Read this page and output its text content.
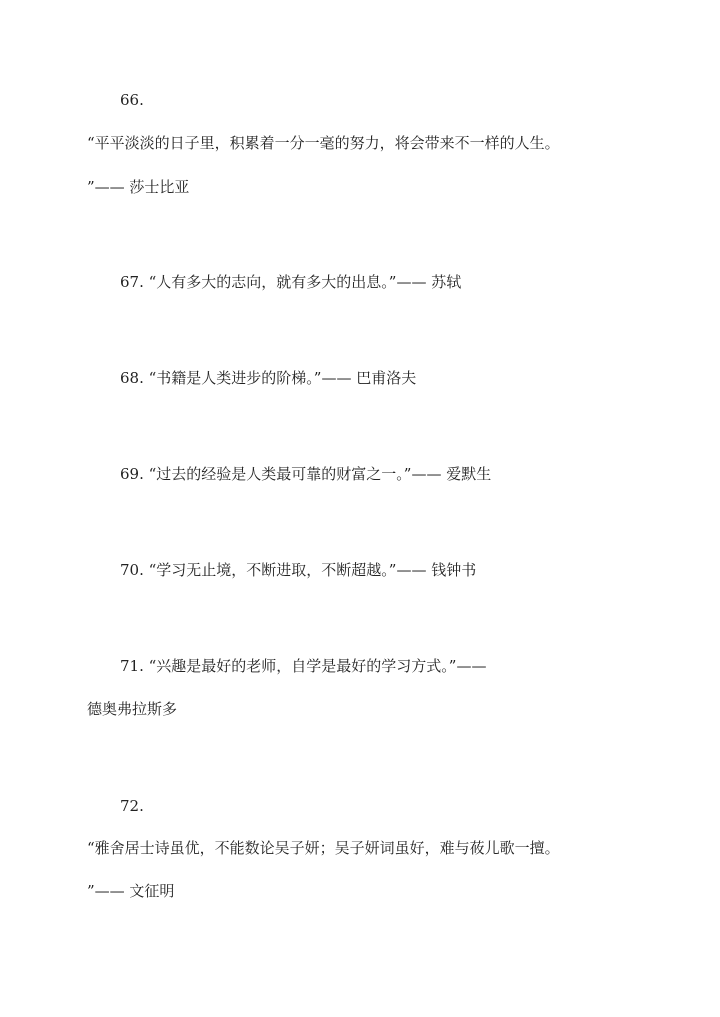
66.
“平平淡淡的日子里，积累着一分一毫的努力，将会带来不一样的人生。
”—— 莎士比亚
67. “人有多大的志向，就有多大的出息。”—— 苏轼
68. “书籍是人类进步的阶梯。”—— 巴甫洛夫
69. “过去的经验是人类最可靠的财富之一。”—— 爱默生
70. “学习无止境，不断进取，不断超越。”—— 钱钟书
71. “兴趣是最好的老师，自学是最好的学习方式。”——
德奥弗拉斯多
72.
“雅舍居士诗虽优，不能数论吴子妍；吴子妍词虽好，难与莜儿歌一擅。
”—— 文征明
